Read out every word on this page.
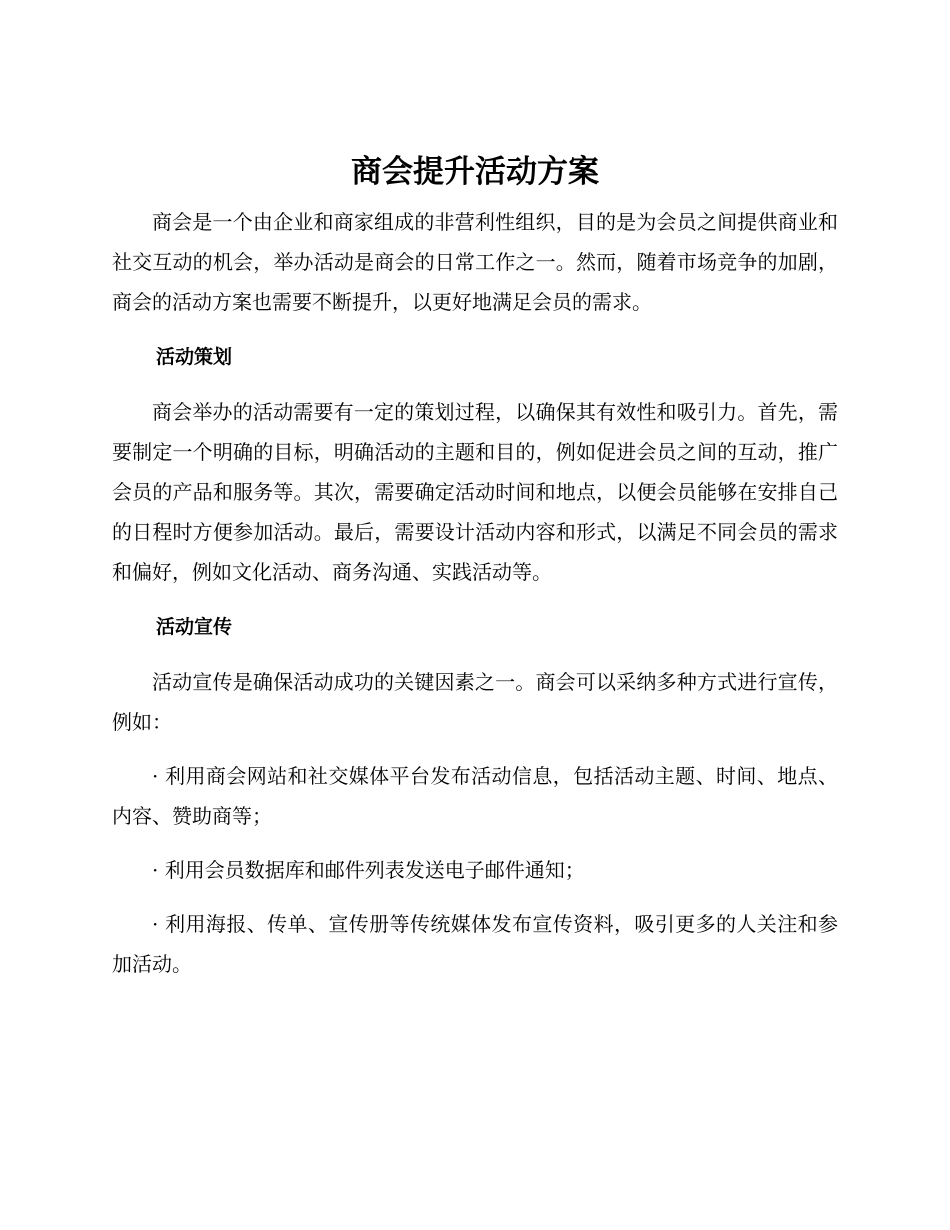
商会提升活动方案

商会是一个由企业和商家组成的非营利性组织，目的是为会员之间提供商业和社交互动的机会，举办活动是商会的日常工作之一。然而，随着市场竞争的加剧，商会的活动方案也需要不断提升，以更好地满足会员的需求。

活动策划

商会举办的活动需要有一定的策划过程，以确保其有效性和吸引力。首先，需要制定一个明确的目标，明确活动的主题和目的，例如促进会员之间的互动，推广会员的产品和服务等。其次，需要确定活动时间和地点，以便会员能够在安排自己的日程时方便参加活动。最后，需要设计活动内容和形式，以满足不同会员的需求和偏好，例如文化活动、商务沟通、实践活动等。

活动宣传

活动宣传是确保活动成功的关键因素之一。商会可以采纳多种方式进行宣传，例如：

· 利用商会网站和社交媒体平台发布活动信息，包括活动主题、时间、地点、内容、赞助商等；

· 利用会员数据库和邮件列表发送电子邮件通知；

· 利用海报、传单、宣传册等传统媒体发布宣传资料，吸引更多的人关注和参加活动。
